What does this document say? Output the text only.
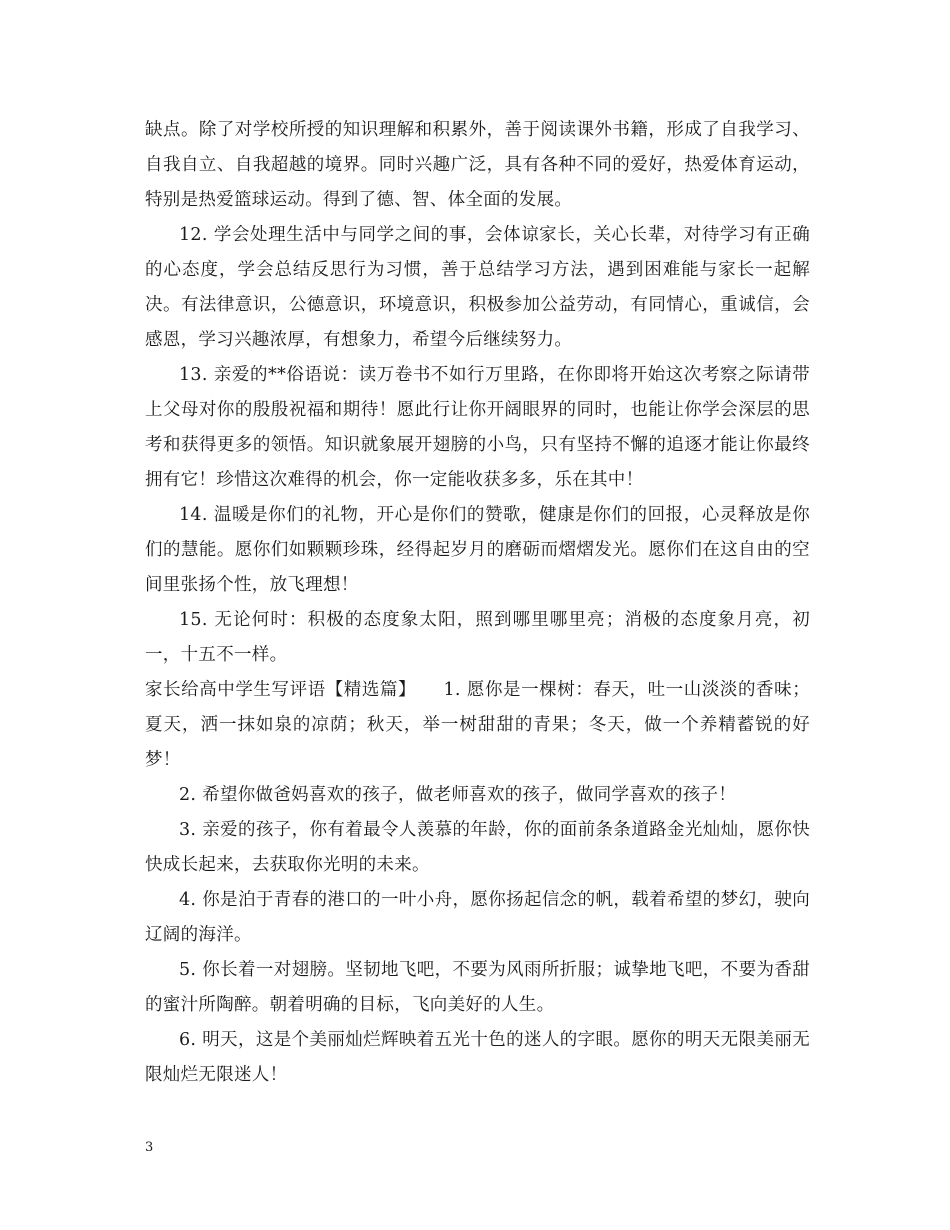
缺点。除了对学校所授的知识理解和积累外，善于阅读课外书籍，形成了自我学习、自我自立、自我超越的境界。同时兴趣广泛，具有各种不同的爱好，热爱体育运动，特别是热爱篮球运动。得到了德、智、体全面的发展。

12. 学会处理生活中与同学之间的事，会体谅家长，关心长辈，对待学习有正确的心态度，学会总结反思行为习惯，善于总结学习方法，遇到困难能与家长一起解决。有法律意识，公德意识，环境意识，积极参加公益劳动，有同情心，重诚信，会感恩，学习兴趣浓厚，有想象力，希望今后继续努力。

13. 亲爱的**俗语说：读万卷书不如行万里路，在你即将开始这次考察之际请带上父母对你的殷殷祝福和期待！愿此行让你开阔眼界的同时，也能让你学会深层的思考和获得更多的领悟。知识就象展开翅膀的小鸟，只有坚持不懈的追逐才能让你最终拥有它！珍惜这次难得的机会，你一定能收获多多，乐在其中！

14. 温暖是你们的礼物，开心是你们的赞歌，健康是你们的回报，心灵释放是你们的慧能。愿你们如颗颗珍珠，经得起岁月的磨砺而熠熠发光。愿你们在这自由的空间里张扬个性，放飞理想！

15. 无论何时：积极的态度象太阳，照到哪里哪里亮；消极的态度象月亮，初一，十五不一样。

家长给高中学生写评语【精选篇】　　1. 愿你是一棵树：春天，吐一山淡淡的香味；夏天，洒一抹如泉的凉荫；秋天，举一树甜甜的青果；冬天，做一个养精蓄锐的好梦！

2. 希望你做爸妈喜欢的孩子，做老师喜欢的孩子，做同学喜欢的孩子！

3. 亲爱的孩子，你有着最令人羡慕的年龄，你的面前条条道路金光灿灿，愿你快快成长起来，去获取你光明的未来。

4. 你是泊于青春的港口的一叶小舟，愿你扬起信念的帆，载着希望的梦幻，驶向辽阔的海洋。

5. 你长着一对翅膀。坚韧地飞吧，不要为风雨所折服；诚挚地飞吧，不要为香甜的蜜汁所陶醉。朝着明确的目标，飞向美好的人生。

6. 明天，这是个美丽灿烂辉映着五光十色的迷人的字眼。愿你的明天无限美丽无限灿烂无限迷人！

3
